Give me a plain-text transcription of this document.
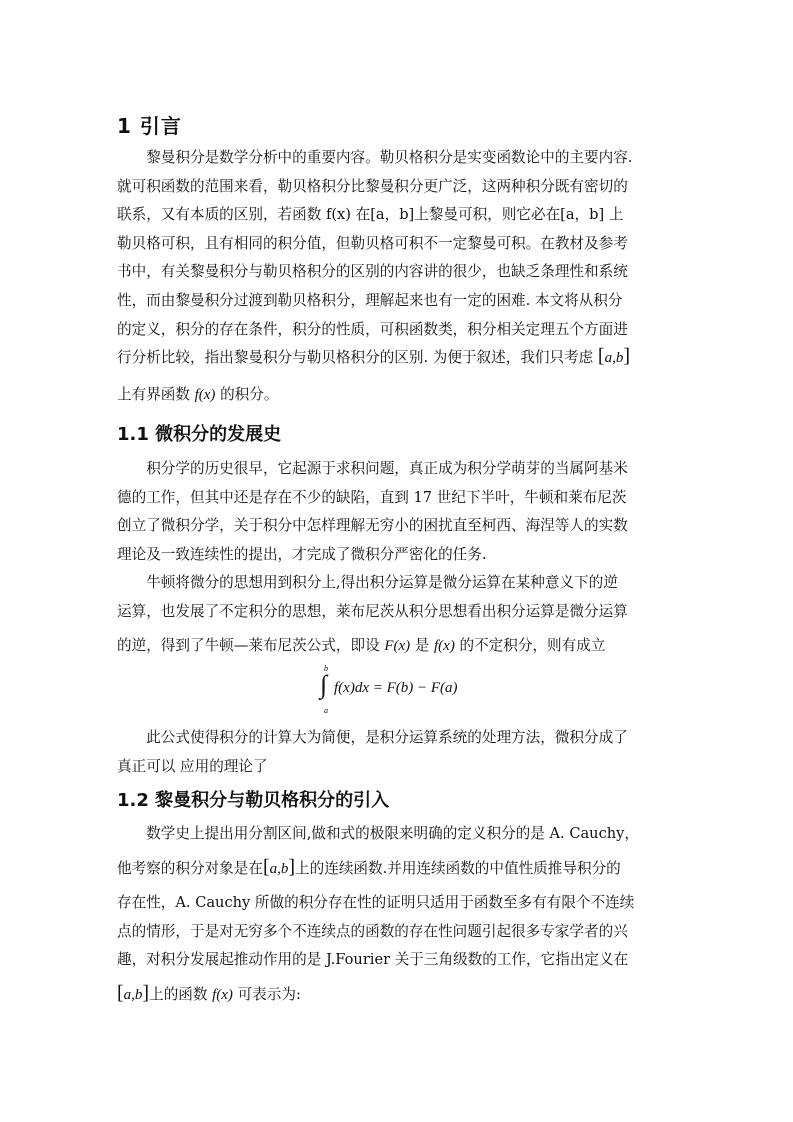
1 引言
黎曼积分是数学分析中的重要内容。勒贝格积分是实变函数论中的主要内容.
就可积函数的范围来看，勒贝格积分比黎曼积分更广泛，这两种积分既有密切的
联系，又有本质的区别，若函数 f(x) 在[a，b]上黎曼可积，则它必在[a，b] 上
勒贝格可积，且有相同的积分值，但勒贝格可积不一定黎曼可积。在教材及参考
书中，有关黎曼积分与勒贝格积分的区别的内容讲的很少，也缺乏条理性和系统
性，而由黎曼积分过渡到勒贝格积分，理解起来也有一定的困难. 本文将从积分
的定义，积分的存在条件，积分的性质，可积函数类，积分相关定理五个方面进
行分析比较，指出黎曼积分与勒贝格积分的区别. 为便于叙述，我们只考虑 [a,b]
上有界函数 f(x) 的积分。
1.1 微积分的发展史
积分学的历史很早，它起源于求积问题，真正成为积分学萌芽的当属阿基米
德的工作，但其中还是存在不少的缺陷，直到 17 世纪下半叶，牛顿和莱布尼茨
创立了微积分学，关于积分中怎样理解无穷小的困扰直至柯西、海涅等人的实数
理论及一致连续性的提出，才完成了微积分严密化的任务.
牛顿将微分的思想用到积分上,得出积分运算是微分运算在某种意义下的逆
运算，也发展了不定积分的思想，莱布尼茨从积分思想看出积分运算是微分运算
的逆，得到了牛顿—莱布尼茨公式，即设 F(x) 是 f(x) 的不定积分，则有成立
b
∫
a
f(x)dx = F(b) − F(a)
此公式使得积分的计算大为简便，是积分运算系统的处理方法，微积分成了
真正可以 应用的理论了
1.2 黎曼积分与勒贝格积分的引入
数学史上提出用分割区间,做和式的极限来明确的定义积分的是 A. Cauchy，
他考察的积分对象是在[a,b]上的连续函数.并用连续函数的中值性质推导积分的
存在性，A. Cauchy 所做的积分存在性的证明只适用于函数至多有有限个不连续
点的情形，于是对无穷多个不连续点的函数的存在性问题引起很多专家学者的兴
趣，对积分发展起推动作用的是 J.Fourier 关于三角级数的工作，它指出定义在
[a,b]上的函数 f(x) 可表示为:
